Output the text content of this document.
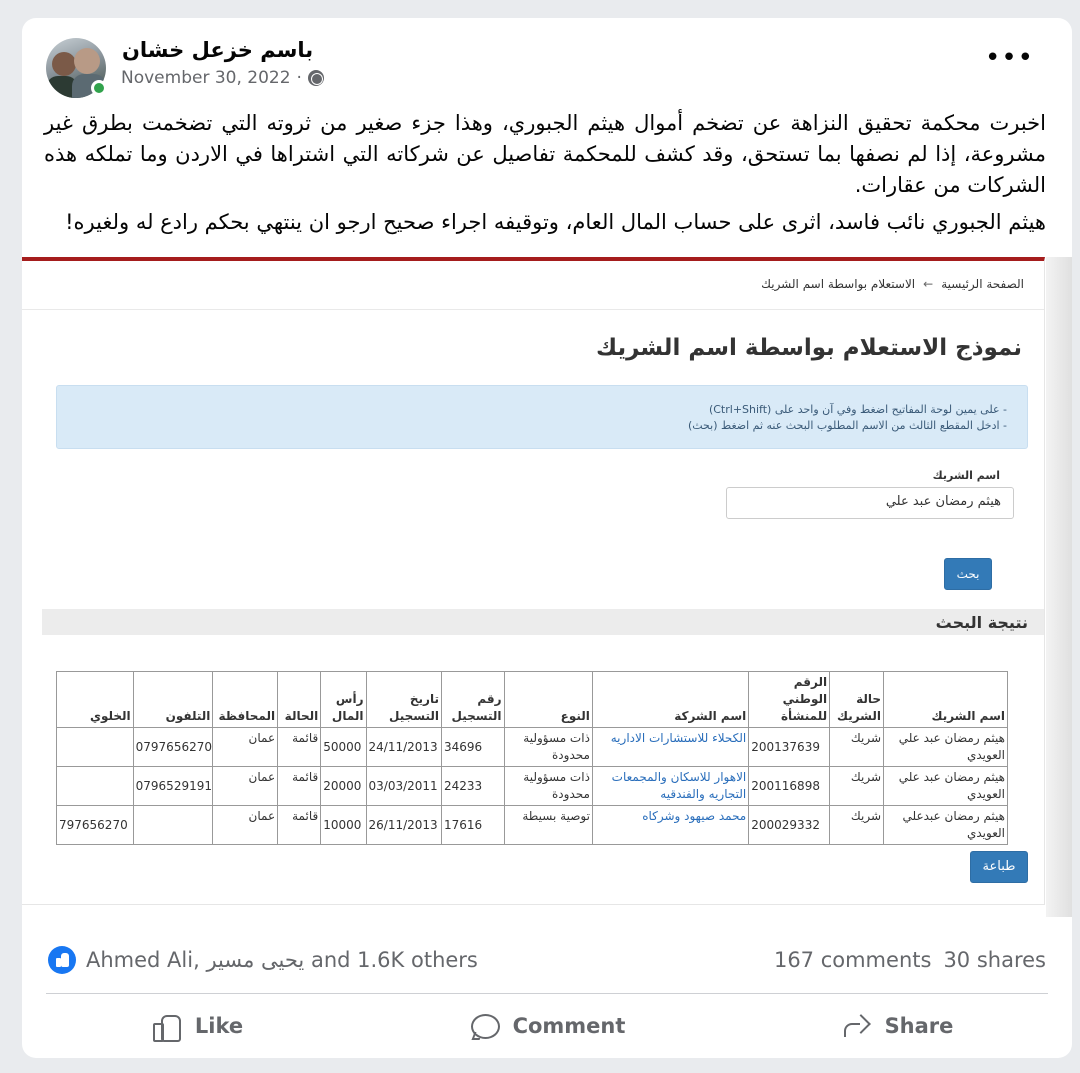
باسم خزعل خشان
November 30, 2022 ·
•••

اخبرت محكمة تحقيق النزاهة عن تضخم أموال هيثم الجبوري، وهذا جزء صغير من ثروته التي تضخمت بطرق غير مشروعة، إذا لم نصفها بما تستحق، وقد كشف للمحكمة تفاصيل عن شركاته التي اشتراها في الاردن وما تملكه هذه الشركات من عقارات.

هيثم الجبوري نائب فاسد، اثرى على حساب المال العام، وتوقيفه اجراء صحيح ارجو ان ينتهي بحكم رادع له ولغيره!

الصفحة الرئيسية
←
الاستعلام بواسطة اسم الشريك
نموذج الاستعلام بواسطة اسم الشريك
- على يمين لوحة المفاتيح اضغط وفي آن واحد على (Ctrl+Shift)
- ادخل المقطع الثالث من الاسم المطلوب البحث عنه ثم اضغط (بحث)
اسم الشريك
هيثم رمضان عبد علي
بحث
نتيجة البحث
اسم الشريك	حالة الشريك	الرقم الوطني للمنشأة	اسم الشركة	النوع	رقم التسجيل	تاريخ التسجيل	رأس المال	الحالة	المحافظة	التلفون	الخلوي
هيثم رمضان عبد علي العويدي	شريك	200137639	الكحلاء للاستشارات الاداريه	ذات مسؤولية محدودة	34696	24/11/2013	50000	قائمة	عمان	0797656270	
هيثم رمضان عبد علي العويدي	شريك	200116898	الاهوار للاسكان والمجمعات التجاريه والفندقيه	ذات مسؤولية محدودة	24233	03/03/2011	20000	قائمة	عمان	0796529191	
هيثم رمضان عبدعلي العويدي	شريك	200029332	محمد صيهود وشركاه	توصية بسيطة	17616	26/11/2013	10000	قائمة	عمان		797656270
طباعة
Ahmed Ali, يحيى مسير and 1.6K others	167 comments 30 shares
Like	Comment	Share
